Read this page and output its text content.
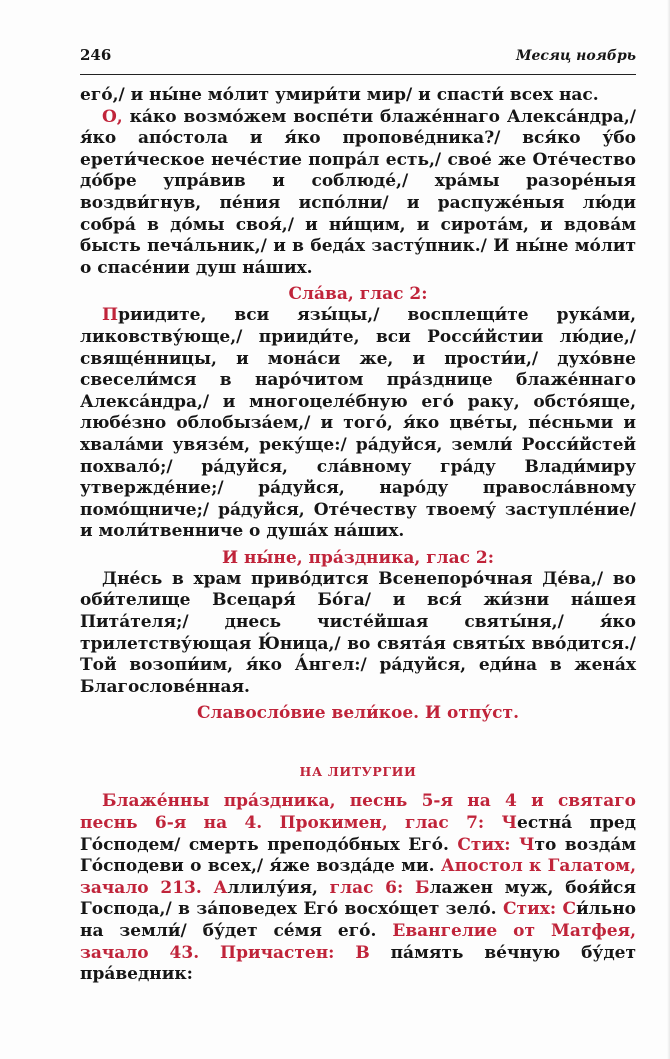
246	Месяц ноябрь

его́,/ и ны́не мо́лит умири́ти мир/ и спасти́ всех нас.

О, ка́ко возмо́жем воспе́ти блаже́ннаго Алекса́ндра,/ я́ко апо́стола и я́ко пропове́дника?/ вся́ко у́бо ерети́ческое нече́стие попра́л есть,/ свое́ же Оте́чество до́бре упра́вив и соблюде́,/ хра́мы разоре́ныя воздви́гнув, пе́ния испо́лни/ и распуже́ныя лю́ди собра́ в до́мы своя́,/ и ни́щим, и сирота́м, и вдова́м бысть печа́льник,/ и в беда́х засту́пник./ И ны́не мо́лит о спасе́нии душ на́ших.

Сла́ва, глас 2:

Приидите, вси язы́цы,/ восплещи́те рука́ми, ликовству́юще,/ прииди́те, вси Росси́йстии лю́дие,/ свяще́нницы, и мона́си же, и прости́и,/ духо́вне свесели́мся в наро́читом пра́зднице блаже́ннаго Алекса́ндра,/ и многоцеле́бную его́ раку, обсто́яще, любе́зно облобыза́ем,/ и того́, я́ко цве́ты, пе́сньми и хвала́ми увязе́м, реку́ще:/ ра́дуйся, земли́ Росси́йстей похвало́;/ ра́дуйся, сла́вному гра́ду Влади́миру утвержде́ние;/ ра́дуйся, наро́ду правосла́вному помо́щниче;/ ра́дуйся, Оте́честву твоему́ заступле́ние/ и моли́твенниче о душа́х на́ших.

И ны́не, пра́здника, глас 2:

Дне́сь в храм приво́дится Всенепоро́чная Де́ва,/ во оби́телище Всецаря́ Бо́га/ и вся́ жи́зни на́шея Пита́теля;/ днесь чисте́йшая святы́ня,/ я́ко трилетству́ющая Ю́ница,/ во свята́я святы́х вво́дится./ Той возопи́им, я́ко А́нгел:/ ра́дуйся, еди́на в жена́х Благослове́нная.

Славосло́вие вели́кое. И отпу́ст.

НА ЛИТУРГИИ

Блаже́нны пра́здника, песнь 5-я на 4 и святаго песнь 6-я на 4. Прокимен, глас 7: Честна́ пред Го́сподем/ смерть преподо́бных Его́. Стих: Что возда́м Го́сподеви о всех,/ я́же возда́де ми. Апостол к Галатом, зачало 213. Аллилу́ия, глас 6: Блажен муж, боя́йся Господа,/ в за́поведех Его́ восхо́щет зело́. Стих: Си́льно на земли́/ бу́дет се́мя его́. Евангелие от Матфея, зачало 43. Причастен: В па́мять ве́чную бу́дет пра́ведник:
